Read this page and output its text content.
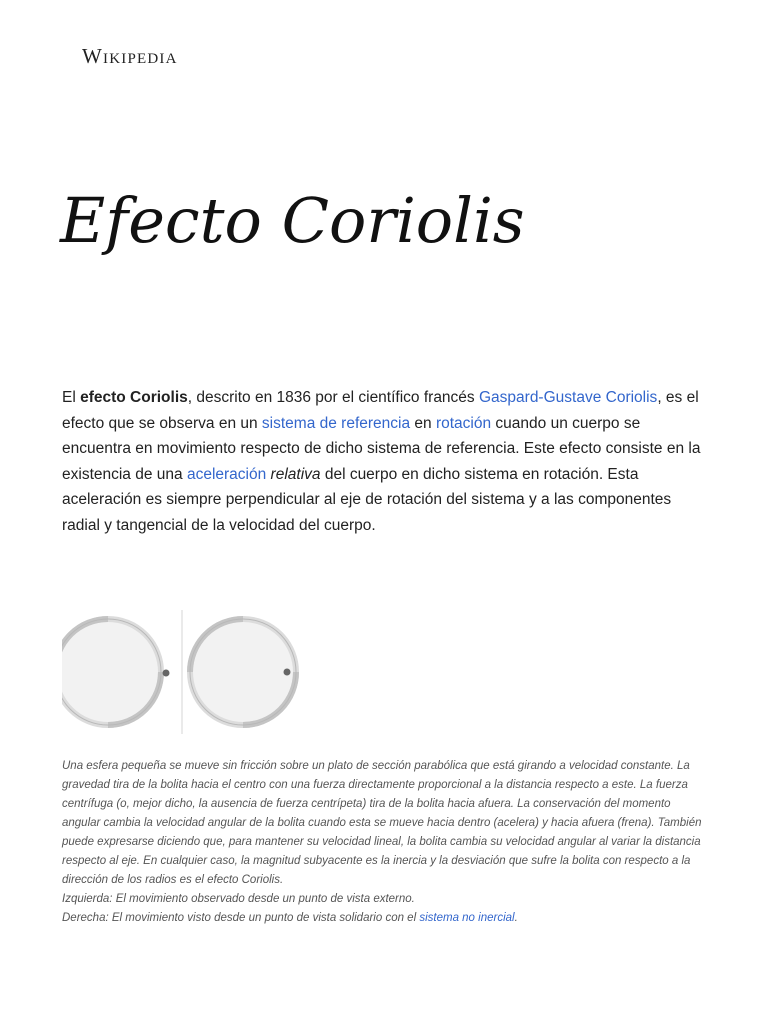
Wikipedia
Efecto Coriolis

El efecto Coriolis, descrito en 1836 por el científico francés Gaspard-Gustave Coriolis, es el efecto que se observa en un sistema de referencia en rotación cuando un cuerpo se encuentra en movimiento respecto de dicho sistema de referencia. Este efecto consiste en la existencia de una aceleración relativa del cuerpo en dicho sistema en rotación. Esta aceleración es siempre perpendicular al eje de rotación del sistema y a las componentes radial y tangencial de la velocidad del cuerpo.

Una esfera pequeña se mueve sin fricción sobre un plato de sección parabólica que está girando a velocidad constante. La gravedad tira de la bolita hacia el centro con una fuerza directamente proporcional a la distancia respecto a este. La fuerza centrífuga (o, mejor dicho, la ausencia de fuerza centrípeta) tira de la bolita hacia afuera. La conservación del momento angular cambia la velocidad angular de la bolita cuando esta se mueve hacia dentro (acelera) y hacia afuera (frena). También puede expresarse diciendo que, para mantener su velocidad lineal, la bolita cambia su velocidad angular al variar la distancia respecto al eje. En cualquier caso, la magnitud subyacente es la inercia y la desviación que sufre la bolita con respecto a la dirección de los radios es el efecto Coriolis.
Izquierda: El movimiento observado desde un punto de vista externo.
Derecha: El movimiento visto desde un punto de vista solidario con el sistema no inercial.
